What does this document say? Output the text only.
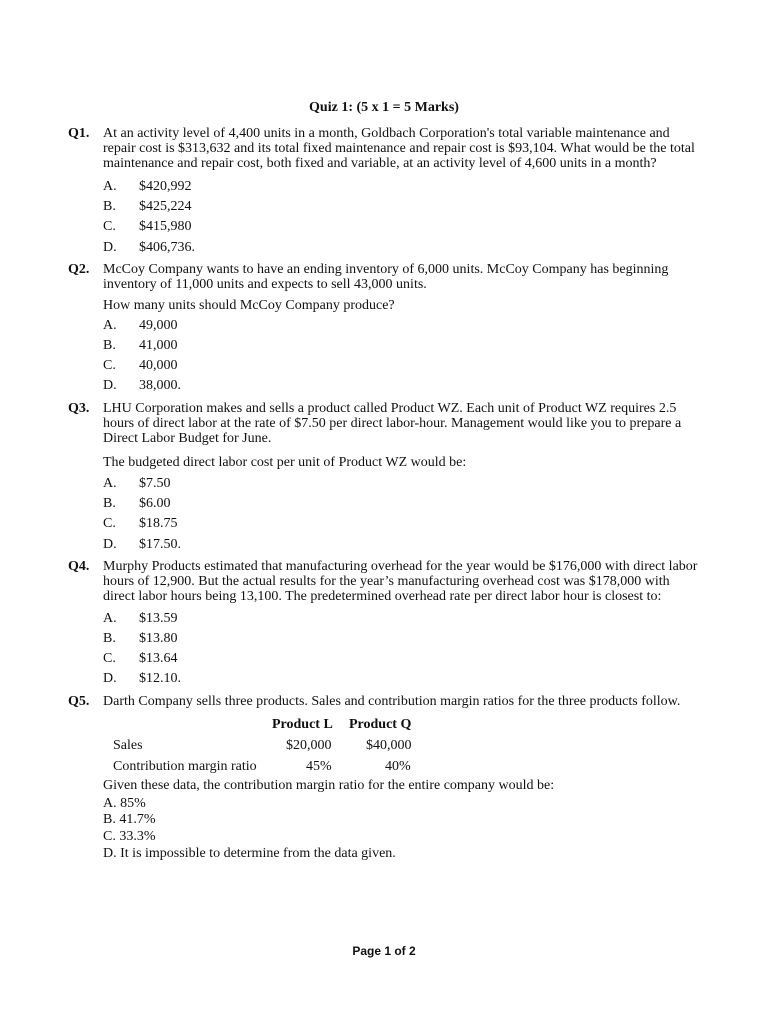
Quiz 1: (5 x 1 = 5 Marks)
Q1. At an activity level of 4,400 units in a month, Goldbach Corporation's total variable maintenance and repair cost is $313,632 and its total fixed maintenance and repair cost is $93,104. What would be the total maintenance and repair cost, both fixed and variable, at an activity level of 4,600 units in a month?
A. $420,992
B. $425,224
C. $415,980
D. $406,736.
Q2. McCoy Company wants to have an ending inventory of 6,000 units. McCoy Company has beginning inventory of 11,000 units and expects to sell 43,000 units.
How many units should McCoy Company produce?
A. 49,000
B. 41,000
C. 40,000
D. 38,000.
Q3. LHU Corporation makes and sells a product called Product WZ. Each unit of Product WZ requires 2.5 hours of direct labor at the rate of $7.50 per direct labor-hour. Management would like you to prepare a Direct Labor Budget for June.
The budgeted direct labor cost per unit of Product WZ would be:
A. $7.50
B. $6.00
C. $18.75
D. $17.50.
Q4. Murphy Products estimated that manufacturing overhead for the year would be $176,000 with direct labor hours of 12,900. But the actual results for the year’s manufacturing overhead cost was $178,000 with direct labor hours being 13,100. The predetermined overhead rate per direct labor hour is closest to:
A. $13.59
B. $13.80
C. $13.64
D. $12.10.
Q5. Darth Company sells three products. Sales and contribution margin ratios for the three products follow.
Product L Product Q
Sales	$20,000 $40,000
Contribution margin ratio	45%	40%
Given these data, the contribution margin ratio for the entire company would be:
A. 85%
B. 41.7%
C. 33.3%
D. It is impossible to determine from the data given.
Page 1 of 2
